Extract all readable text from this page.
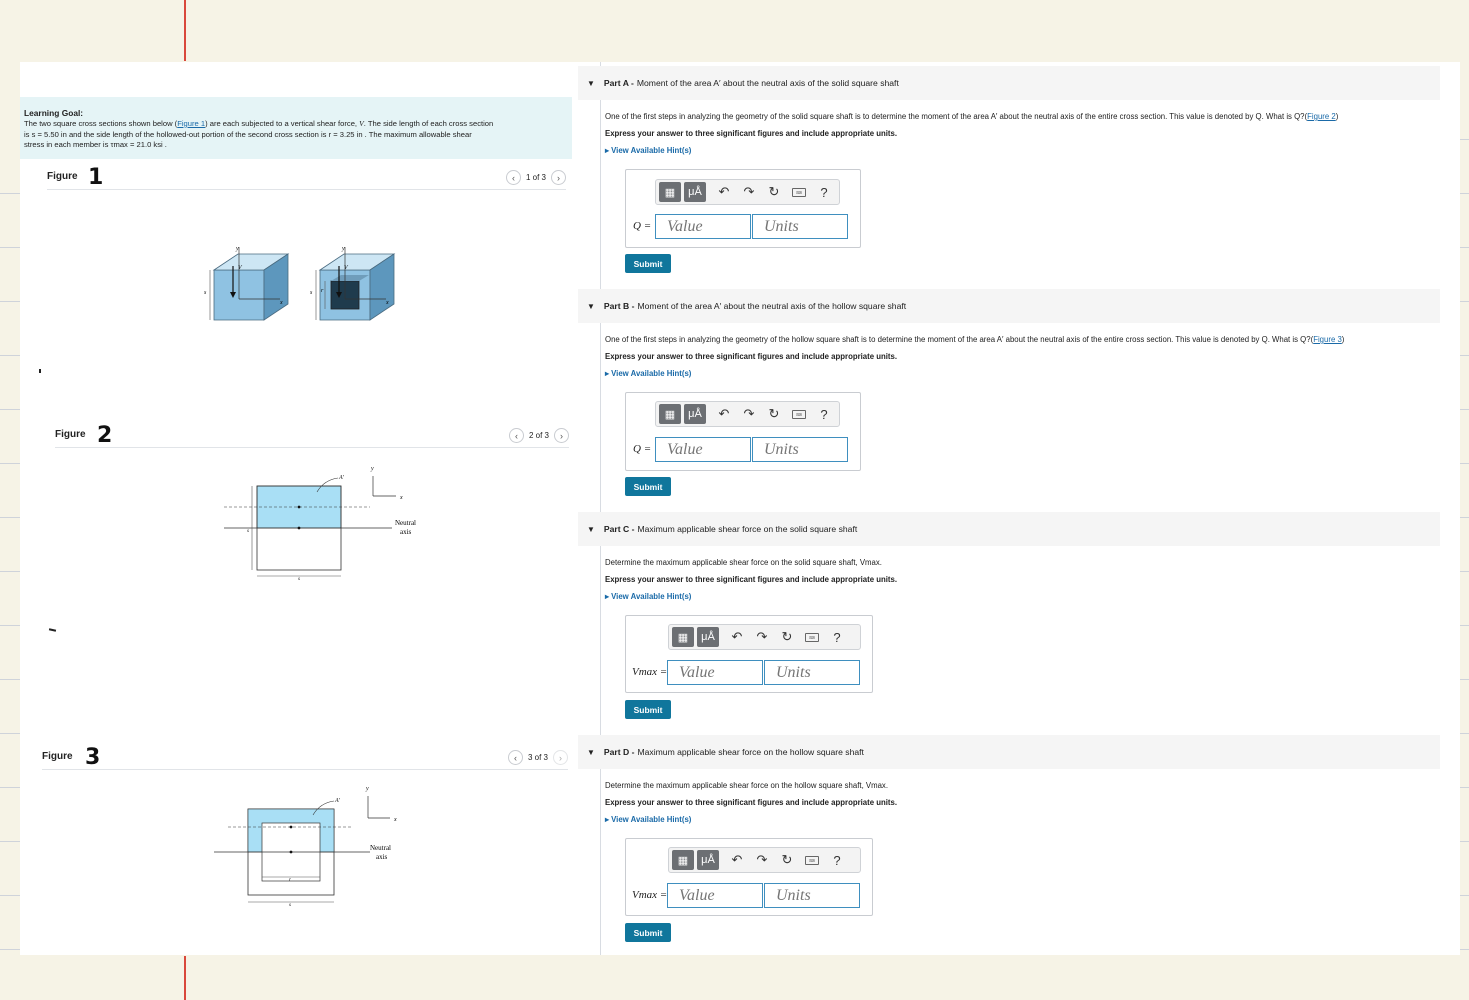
Learning Goal:
The two square cross sections shown below (Figure 1) are each subjected to a vertical shear force, V. The side length of each cross section
is s = 5.50 in and the side length of the hollowed-out portion of the second cross section is r = 3.25 in . The maximum allowable shear
stress in each member is τmax = 21.0 ksi .
Figure 1	‹	1 of 3	›
y
x
V
s
y
x
V
s r
Figure 2	‹	2 of 3	›
A'
y
x
Neutral
axis
s
s
Figure 3	‹	3 of 3	›
A'
y
x
Neutral
axis
r
s
▼ Part A - Moment of the area A′ about the neutral axis of the solid square shaft
One of the first steps in analyzing the geometry of the solid square shaft is to determine the moment of the area A′ about the neutral axis of the entire cross section. This value is denoted by Q. What is Q?(Figure 2)
Express your answer to three significant figures and include appropriate units.
▸ View Available Hint(s)
▦	μÅ	↶ ↷ ↻	⌨	?
Q =
Value
Units
Submit
▼ Part B - Moment of the area A′ about the neutral axis of the hollow square shaft
One of the first steps in analyzing the geometry of the hollow square shaft is to determine the moment of the area A′ about the neutral axis of the entire cross section. This value is denoted by Q. What is Q?(Figure 3)
Express your answer to three significant figures and include appropriate units.
▸ View Available Hint(s)
▦	μÅ	↶ ↷ ↻	⌨	?
Q =
Value
Units
Submit
▼ Part C - Maximum applicable shear force on the solid square shaft
Determine the maximum applicable shear force on the solid square shaft, Vmax.
Express your answer to three significant figures and include appropriate units.
▸ View Available Hint(s)
▦	μÅ	↶ ↷ ↻	⌨	?
Vmax =
Value
Units
Submit
▼ Part D - Maximum applicable shear force on the hollow square shaft
Determine the maximum applicable shear force on the hollow square shaft, Vmax.
Express your answer to three significant figures and include appropriate units.
▸ View Available Hint(s)
▦	μÅ	↶ ↷ ↻	⌨	?
Vmax =
Value
Units
Submit
